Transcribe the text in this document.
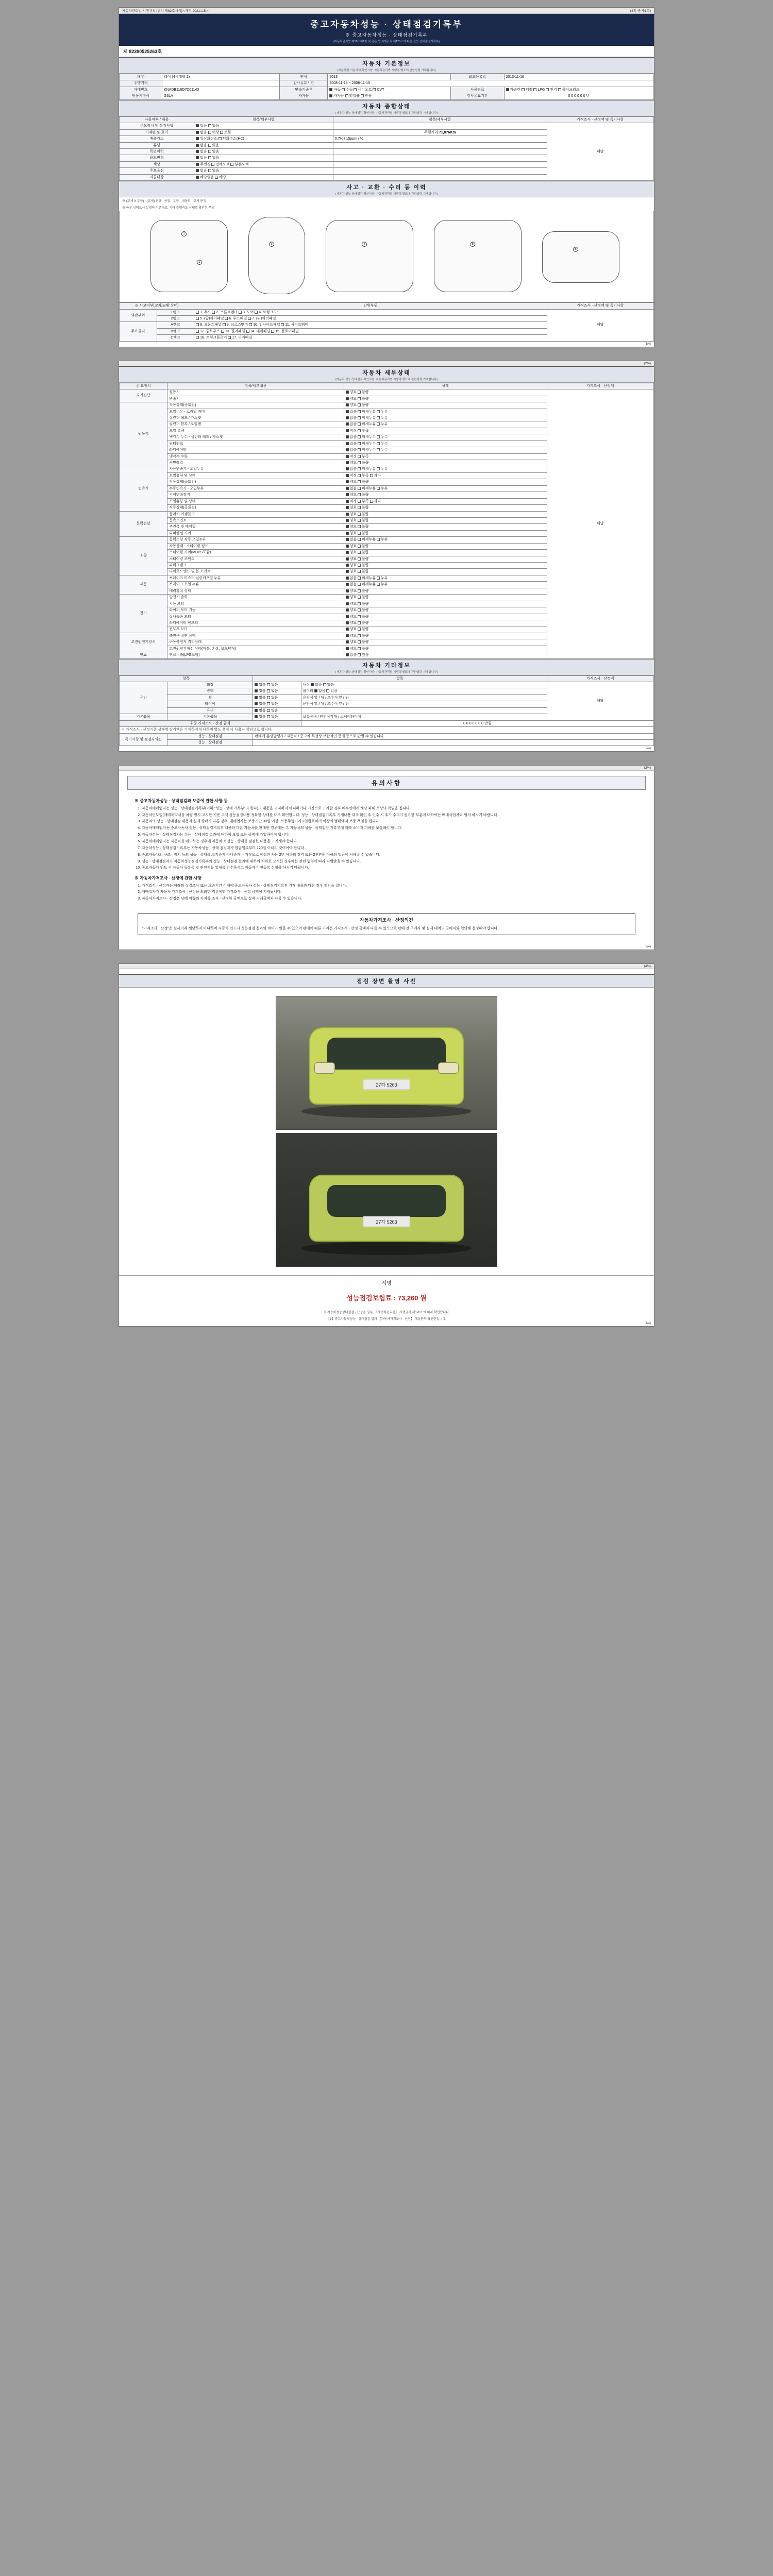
자동차관리법 시행규칙 [별지 제82호서식] <개정 2021.1.5.>	(4쪽 중 제1쪽)
중고자동차성능 · 상태점검기록부
※ 중고자동차성능 · 상태점검기록부
(자동차관리법 제58조제1항 및 같은 법 시행규칙 제120조에 따른 성능·상태점검기록부)
제 82390525263호
자동차 기본정보
(자동차법 기본기재 확인사항: 자동차관리법 시행령 별표에 관한법령 기재합니다)
차 명	레이 (4세대형 1)	연식	2013	최초등록일	2013-11-16
주행거리		검사유효기간	2008-11-16 ~ 2008-11-15		
차대번호	KNADB116D7D61143	변속기종류	자동 수동 세미오토 CVT	사용연료	가솔린 디젤 LPG 전기 하이브리드
원동기형식	G3LA	자가용	자가용 영업용 관용	검사유효기간	0 0 0 0 0 0 년
자동차 종합상태
(자동차 성능·상태점검 확인사항: 자동차관리법 시행령 별표에 관한법령 기재합니다)
사용여부 / 내용	항목/세부사항	항목/세부사항	가격조사 · 산정액 및 특기사항
주요장치 및 특기사항	없음 있음		해당
기재된 또 표기	없음 이상 보통	주행거리 71,876Km	
배출가스	일산화탄소 탄화수소(HC)	0.7% / 15ppm / %	
튜닝	없음 있음		
특별이력	없음 있음		
용도변경	없음 있음		
색상	무변경 전체도색 부분도색		
주요옵션	없음 있음		
리콜대상	해당없음 해당		
사고 · 교환 · 수리 등 이력
(자동차 성능·상태점검 확인사항: 자동차관리법 시행령 별표에 관한법령 기재합니다)
※ (교체·X 부품) : (교체) 판금 · 용접 · 부품 · 내몰리 · 교체 판정
※ 하부 상태표시 설명의 기준대로, 기타 주행측도 상태별 확인된 부위
1
2
3	4	5
6
※ 사고여부(교차/교환 상태)		단위부위	가격조사 · 산정액 및 특기사항
외판부위	1랭크	1. 후드 2. 프론트펜더 3. 도어 4. 트렁크리드	해당
	2랭크	5. (앞)쿼터패널 6. 루프패널 7. (뒤)쿼터패널	
주요골격	A랭크	8. 프론트패널 9. 크로스멤버 10. 인사이드패널 11. 사이드멤버	
	B랭크	12. 휠하우스 13. 필러패널 14. 대쉬패널 15. 플로어패널	
	C랭크	16. 트렁크플로어 17. 리어패널	
(1/4)

(2/4)
자동차 세부상태
(자동차 성능·상태점검 확인사항: 자동차관리법 시행령 별표에 관한법령 기재합니다)
주 요장치	항목/세부내용	상태	가격조사 · 산정액
자기진단	원동기	양호 불량	해당
	변속기	양호 불량	
원동기	작동상태(공회전)	양호 불량	
	오일누유 - 로커암 커버	없음 미세누유 누유	
	실린더 헤드 / 가스켓	없음 미세누유 누유	
	실린더 블록 / 오일팬	없음 미세누유 누유	
	오일 유량	적정 부족	
	냉각수 누수 - 실린더 헤드 / 가스켓	없음 미세누수 누수	
	워터펌프	없음 미세누수 누수	
	라디에이터	없음 미세누수 누수	
	냉각수 수량	적정 부족	
	커먼레일	양호 불량	
변속기	자동변속기 - 오일누유	없음 미세누유 누유	
	오일유량 및 상태	적정 부족 과다	
	작동상태(공회전)	양호 불량	
	수동변속기 - 오일누유	없음 미세누유 누유	
	기어변속장치	양호 불량	
	오일유량 및 상태	적정 부족 과다	
	작동상태(공회전)	양호 불량	
동력전달	클러치 어셈블리	양호 불량	
	등속조인트	양호 불량	
	추진축 및 베어링	양호 불량	
	디퍼렌셜 기어	양호 불량	
조향	동력조향 작동 오일누유	없음 미세누유 누유	
	작동상태 - 스티어링 펌프	양호 불량	
	스티어링 기어(MDPS포함)	양호 불량	
	스티어링 조인트	양호 불량	
	파워크랭크	양호 불량	
	타이로드엔드 및 볼 조인트	양호 불량	
제동	브레이크 마스터 실린더오일 누유	없음 미세누유 누유	
	브레이크 오일 누유	없음 미세누유 누유	
	배력장치 상태	양호 불량	
전기	발전기 출력	양호 불량	
	시동 모터	양호 불량	
	와이퍼 모터 기능	양호 불량	
	실내송풍 모터	양호 불량	
	라디에이터 팬모터	양호 불량	
	윈도우 모터	양호 불량	
고전원전기장치	충전구 절연 상태	양호 불량	
	구동축전지 격리상태	양호 불량	
	고전원전기배선 상태(피복, 손상, 보호덮개)	양호 불량	
연료	연료누출(LPG포함)	없음 있음	
자동차 기타정보
(자동차 성능·상태점검 확인사항: 자동차관리법 시행령 별표에 관한법령 기재합니다)
항목		항목		가격조사 · 산정액
유리	외장	없음 있음	내장 없음 있음	해당
	광택	없음 있음	룸미러 없음 있음	
	휠	없음 있음	운전석 앞 / 뒤 / 조수석 앞 / 뒤	
	타이어	없음 있음	운전석 앞 / 뒤 / 조수석 앞 / 뒤	
	유리	없음 있음		
기본품목	기본품목	없음 있음	보유공구 / 안전삼각대 / 스페어타이어	
최종 가격조사 · 산정 금액			0 0 0 0 0 0 0 만원	
※ 가격조사 · 산정기준 상태별 감가액은 기재하지 아니하며 별도 책정 시 사용자 책임으로 합니다.				
특기사항 및 점검자의견	성능 · 상태점검	판매에 분쟁발생시 / 자동차 / 중고차 특성상 보완적인 문제 등으로 판별 수 있습니다.		
	성능 · 상태점검			
(2/4)

(3/4)
유의사항
※ 중고자동차성능 · 상태점검과 보증에 관한 사항 등
1. 자동차매매업자는 성능 · 상태점검기록부(이하 "성능 · 상태 기록부"라 한다)의 내용을 고지하지 아니하거나 거짓으로 고지할 경우 매수인에게 해당 피해 보상의 책임을 집니다.
2. 자동차인도일(매매계약서상 차량 명시 고지한 기준 고객 성능점검내용 정확한 상태를 대조 확인합니다. 성능 · 상태점검기록부 기재내용 대조 확인 후 인수 시 추가 수리가 필요한 부분에 대하여는 매매사업자와 협의 하시기 바랍니다.
3. 자동차의 성능 · 상태점검 내용과 실제 상태가 다른 경우, 매매업자는 보증기간 30일 이상, 보증주행거리 2천킬로미터 이상의 범위에서 보증 책임을 집니다.
4. 자동차매매업자는 중고자동차 성능 · 상태점검기록부 내용과 다른 자동차를 판매한 경우에는 그 자동차의 성능 · 상태점검 기록부에 따라 소비자 피해를 보상해야 합니다.
5. 자동차성능 · 상태점검자는 성능 · 상태점검 결과에 대하여 보험 또는 공제에 가입하여야 합니다.
6. 자동차매매업자는 자동차를 매도하는 경우에 자동차의 성능 · 상태를 점검한 내용을 고지해야 합니다.
7. 자동차성능 · 상태점검기록부는 자동차성능 · 상태 점검자가 발급일로부터 120일 이내의 것이어야 합니다.
8. 중고자동차의 구조 · 장치 등의 성능 · 상태를 고지하지 아니하거나 거짓으로 작성한 자는 2년 이하의 징역 또는 2천만원 이하의 벌금에 처해질 수 있습니다.
9. 성능 · 상태점검자가 자동차성능점검기록부의 성능 · 상태점검 결과에 대하여 허위로 고지한 경우에는 관련 법령에 따라 처벌받을 수 있습니다.
10. 중고자동차 인도 시 자동차 등록증 및 관련서류 일체를 인수하시고 자동차 이전등록 신청을 하시기 바랍니다.
※ 자동차가격조사 · 산정에 관한 사항
1. 가격조사 · 산정자는 아래의 실질조사 또는 보증기간 이내에 중고자동차 성능 · 상태점검기록부 기재 내용과 다른 경우 책임을 집니다.
2. 매매업자가 자동차 가격조사 · 산정을 의뢰한 경우에만 가격조사 · 산정 금액이 기재됩니다.
3. 자동차가격조사 · 산정은 당해 차량의 가치를 조사 · 산정한 금액으로 실제 거래금액과 다를 수 있습니다.
자동차가격조사 · 산정의견
"가격조사 · 산정"은 실제거래 해당하지 아니하며 자동차 인도시 성능점검 결과와 차이가 있을 수 있으며 판매에 따른 가격은 가격조사 · 산정 금액과 다를 수 있으므로 판매 전 구매자 및 실제 내역의 구매자와 협의해 결정해야 합니다.
(3/4)

(4/4)
점검 장면 촬영 사진
27하 5263
27하 5263
서명
성능점검보험료 : 73,260 원
※ 자동차성능상태점검 · 산정을 경우, 「자동차관리법」 시행규칙 제120조에 따라 확인합니다.
【1】중고자동차성능 · 상태점검 결과 【자동차가격조사 · 산정】 대상항목 확인란입니다.
(4/4)
